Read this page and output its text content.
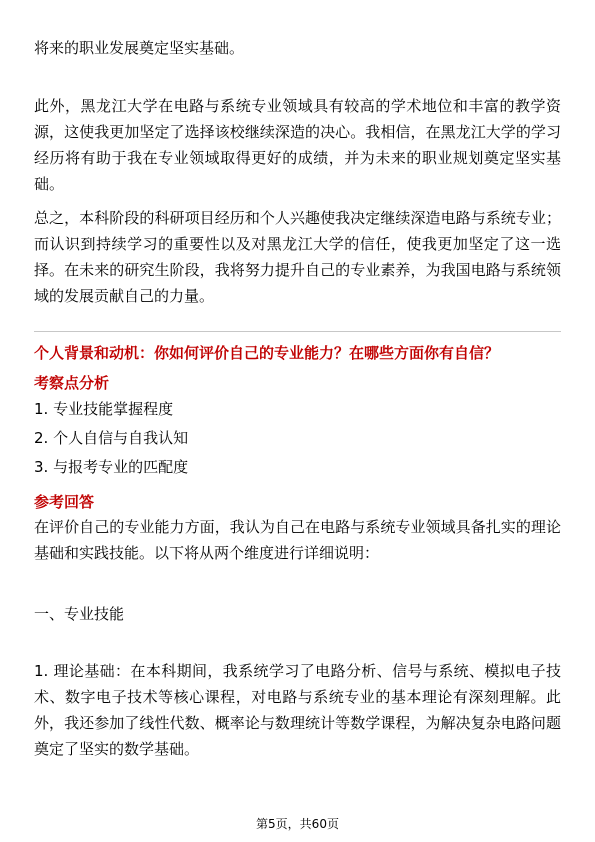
将来的职业发展奠定坚实基础。

此外，黑龙江大学在电路与系统专业领域具有较高的学术地位和丰富的教学资源，这使我更加坚定了选择该校继续深造的决心。我相信，在黑龙江大学的学习经历将有助于我在专业领域取得更好的成绩，并为未来的职业规划奠定坚实基础。

总之，本科阶段的科研项目经历和个人兴趣使我决定继续深造电路与系统专业；而认识到持续学习的重要性以及对黑龙江大学的信任，使我更加坚定了这一选择。在未来的研究生阶段，我将努力提升自己的专业素养，为我国电路与系统领域的发展贡献自己的力量。

个人背景和动机：你如何评价自己的专业能力？在哪些方面你有自信？
考察点分析
1. 专业技能掌握程度
2. 个人自信与自我认知
3. 与报考专业的匹配度
参考回答

在评价自己的专业能力方面，我认为自己在电路与系统专业领域具备扎实的理论基础和实践技能。以下将从两个维度进行详细说明：

一、专业技能

1. 理论基础：在本科期间，我系统学习了电路分析、信号与系统、模拟电子技术、数字电子技术等核心课程，对电路与系统专业的基本理论有深刻理解。此外，我还参加了线性代数、概率论与数理统计等数学课程，为解决复杂电路问题奠定了坚实的数学基础。

第5页，共60页
